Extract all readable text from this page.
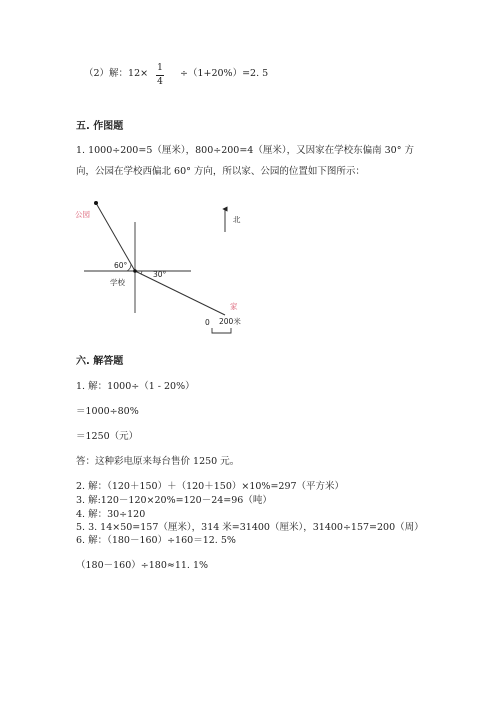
（2）解：12× 1
4
÷（1+20%）=2. 5
五. 作图题
1. 1000÷200=5（厘米），800÷200=4（厘米），又因家在学校东偏南 30° 方
向，公园在学校西偏北 60° 方向，所以家、公园的位置如下图所示：
公园
家
学校
北
60°
30°
0 200米
六. 解答题
1. 解：1000÷（1 - 20%）
＝1000÷80%
＝1250（元）
答：这种彩电原来每台售价 1250 元。
2. 解：（120＋150）＋（120＋150）×10%=297（平方米）
3. 解:120－120×20%=120－24=96（吨）
4. 解：30÷120
5. 3. 14×50=157（厘米），314 米=31400（厘米），31400÷157=200（周）
6. 解：（180－160）÷160＝12. 5%
（180－160）÷180≈11. 1%
